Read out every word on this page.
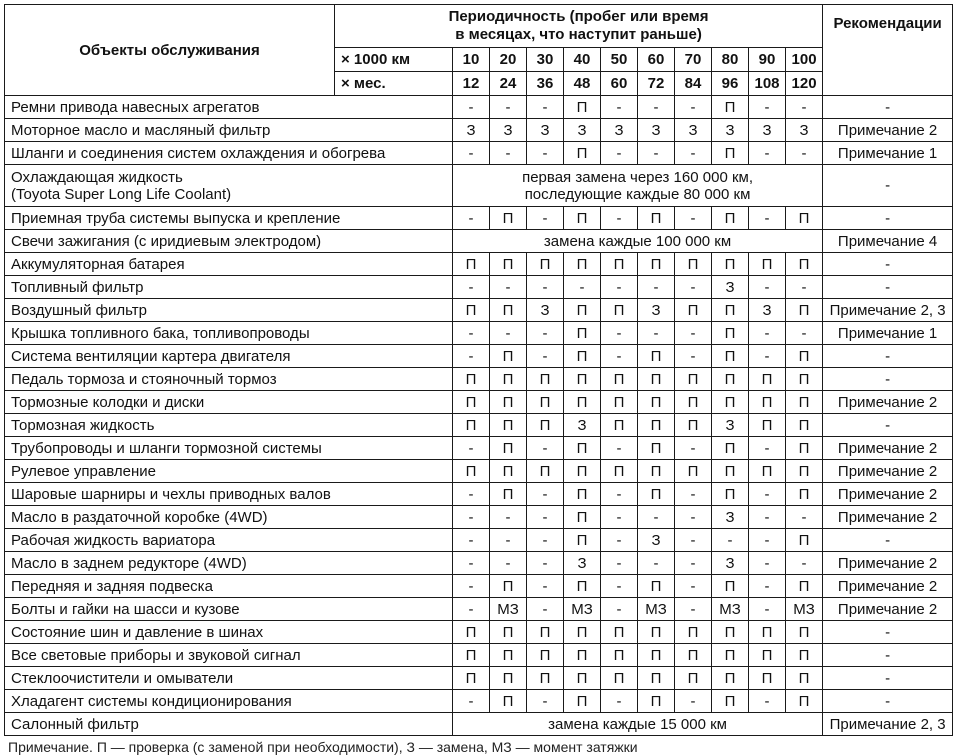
Объекты обслуживания	Периодичность (пробег или время
в месяцах, что наступит раньше)											Рекомендации
	× 1000 км	10	20	30	40	50	60	70	80	90	100	
	× мес.	12	24	36	48	60	72	84	96	108	120	
Ремни привода навесных агрегатов		-	-	-	П	-	-	-	П	-	-	-
Моторное масло и масляный фильтр		З	З	З	З	З	З	З	З	З	З	Примечание 2
Шланги и соединения систем охлаждения и обогрева		-	-	-	П	-	-	-	П	-	-	Примечание 1
Охлаждающая жидкость
(Toyota Super Long Life Coolant)		первая замена через 160 000 км,
последующие каждые 80 000 км										-
Приемная труба системы выпуска и крепление		-	П	-	П	-	П	-	П	-	П	-
Свечи зажигания (с иридиевым электродом)		замена каждые 100 000 км										Примечание 4
Аккумуляторная батарея		П	П	П	П	П	П	П	П	П	П	-
Топливный фильтр		-	-	-	-	-	-	-	З	-	-	-
Воздушный фильтр		П	П	З	П	П	З	П	П	З	П	Примечание 2, 3
Крышка топливного бака, топливопроводы		-	-	-	П	-	-	-	П	-	-	Примечание 1
Система вентиляции картера двигателя		-	П	-	П	-	П	-	П	-	П	-
Педаль тормоза и стояночный тормоз		П	П	П	П	П	П	П	П	П	П	-
Тормозные колодки и диски		П	П	П	П	П	П	П	П	П	П	Примечание 2
Тормозная жидкость		П	П	П	З	П	П	П	З	П	П	-
Трубопроводы и шланги тормозной системы		-	П	-	П	-	П	-	П	-	П	Примечание 2
Рулевое управление		П	П	П	П	П	П	П	П	П	П	Примечание 2
Шаровые шарниры и чехлы приводных валов		-	П	-	П	-	П	-	П	-	П	Примечание 2
Масло в раздаточной коробке (4WD)		-	-	-	П	-	-	-	З	-	-	Примечание 2
Рабочая жидкость вариатора		-	-	-	П	-	З	-	-	-	П	-
Масло в заднем редукторе (4WD)		-	-	-	З	-	-	-	З	-	-	Примечание 2
Передняя и задняя подвеска		-	П	-	П	-	П	-	П	-	П	Примечание 2
Болты и гайки на шасси и кузове		-	МЗ	-	МЗ	-	МЗ	-	МЗ	-	МЗ	Примечание 2
Состояние шин и давление в шинах		П	П	П	П	П	П	П	П	П	П	-
Все световые приборы и звуковой сигнал		П	П	П	П	П	П	П	П	П	П	-
Стеклоочистители и омыватели		П	П	П	П	П	П	П	П	П	П	-
Хладагент системы кондиционирования		-	П	-	П	-	П	-	П	-	П	-
Салонный фильтр		замена каждые 15 000 км										Примечание 2, 3
Примечание. П — проверка (с заменой при необходимости), З — замена, МЗ — момент затяжки
